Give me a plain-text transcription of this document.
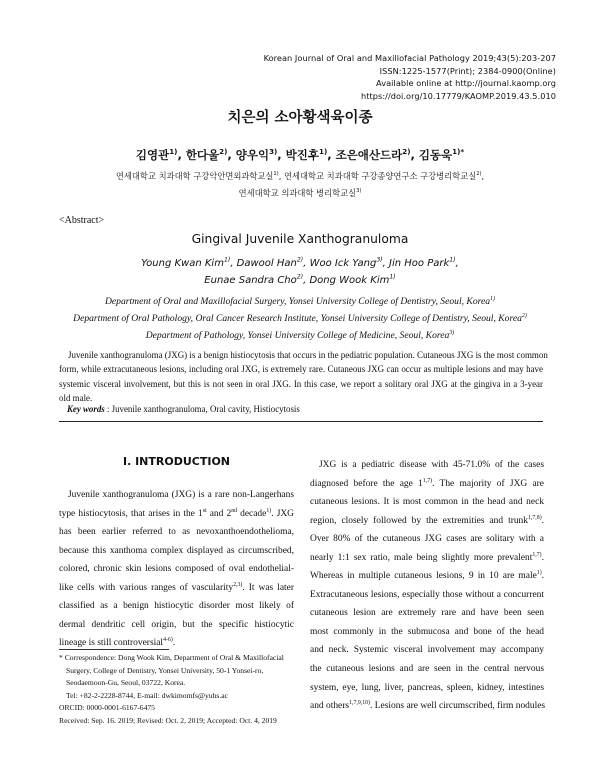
Korean Journal of Oral and Maxillofacial Pathology 2019;43(5):203-207
ISSN:1225-1577(Print); 2384-0900(Online)
Available online at http://journal.kaomp.org
https://doi.org/10.17779/KAOMP.2019.43.5.010
치은의 소아황색육이종
김영관$^{1)}$, 한다울$^{2)}$, 양우익$^{3)}$, 박진후$^{1)}$, 조은애산드라$^{2)}$, 김동욱$^{1)*}$
연세대학교 치과대학 구강악안면외과학교실$^{1)}$, 연세대학교 치과대학 구강종양연구소 구강병리학교실$^{2)}$,
연세대학교 의과대학 병리학교실$^{3)}$
<Abstract>
Gingival Juvenile Xanthogranuloma
Young Kwan Kim$^{1)}$, Dawool Han$^{2)}$, Woo Ick Yang$^{3)}$, Jin Hoo Park$^{1)}$,
Eunae Sandra Cho$^{2)}$, Dong Wook Kim$^{1)}$
Department of Oral and Maxillofacial Surgery, Yonsei University College of Dentistry, Seoul, Korea$^{1)}$
Department of Oral Pathology, Oral Cancer Research Institute, Yonsei University College of Dentistry, Seoul, Korea$^{2)}$
Department of Pathology, Yonsei University College of Medicine, Seoul, Korea$^{3)}$
Juvenile xanthogranuloma (JXG) is a benign histiocytosis that occurs in the pediatric population. Cutaneous JXG is the most common
form, while extracutaneous lesions, including oral JXG, is extremely rare. Cutaneous JXG can occur as multiple lesions and may have
systemic visceral involvement, but this is not seen in oral JXG. In this case, we report a solitary oral JXG at the gingiva in a 3-year
old male.
Key words : Juvenile xanthogranuloma, Oral cavity, Histiocytosis
Ⅰ. INTRODUCTION
Juvenile xanthogranuloma (JXG) is a rare non-Langerhans
type histiocytosis, that arises in the 1st and 2nd decade$^{1)}$. JXG
has been earlier referred to as nevoxanthoendothelioma,
because this xanthoma complex displayed as circumscribed,
colored, chronic skin lesions composed of oval endothelial-
like cells with various ranges of vascularity$^{2,3)}$. It was later
classified as a benign histiocytic disorder most likely of
dermal dendritic cell origin, but the specific histiocytic
lineage is still controversial$^{4-6)}$.
JXG is a pediatric disease with 45-71.0% of the cases
diagnosed before the age 1$^{1,7)}$. The majority of JXG are
cutaneous lesions. It is most common in the head and neck
region, closely followed by the extremities and trunk$^{1,7,8)}$.
Over 80% of the cutaneous JXG cases are solitary with a
nearly 1:1 sex ratio, male being slightly more prevalent$^{1,7)}$.
Whereas in multiple cutaneous lesions, 9 in 10 are male$^{1)}$.
Extracutaneous lesions, especially those without a concurrent
cutaneous lesion are extremely rare and have been seen
most commonly in the submucosa and bone of the head
and neck. Systemic visceral involvement may accompany
the cutaneous lesions and are seen in the central nervous
system, eye, lung, liver, pancreas, spleen, kidney, intestines
and others$^{1,7,9,10)}$. Lesions are well circumscribed, firm nodules
* Correspondence: Dong Wook Kim, Department of Oral & Maxillofacial
Surgery, College of Dentistry, Yonsei University, 50-1 Yonsei-ro,
Seodaemoon-Gu, Seoul, 03722, Korea.
Tel: +82-2-2228-8744, E-mail: dwkimomfs@yuhs.ac
ORCID: 0000-0001-6167-6475
Received: Sep. 16. 2019; Revised: Oct. 2, 2019; Accepted: Oct. 4, 2019
